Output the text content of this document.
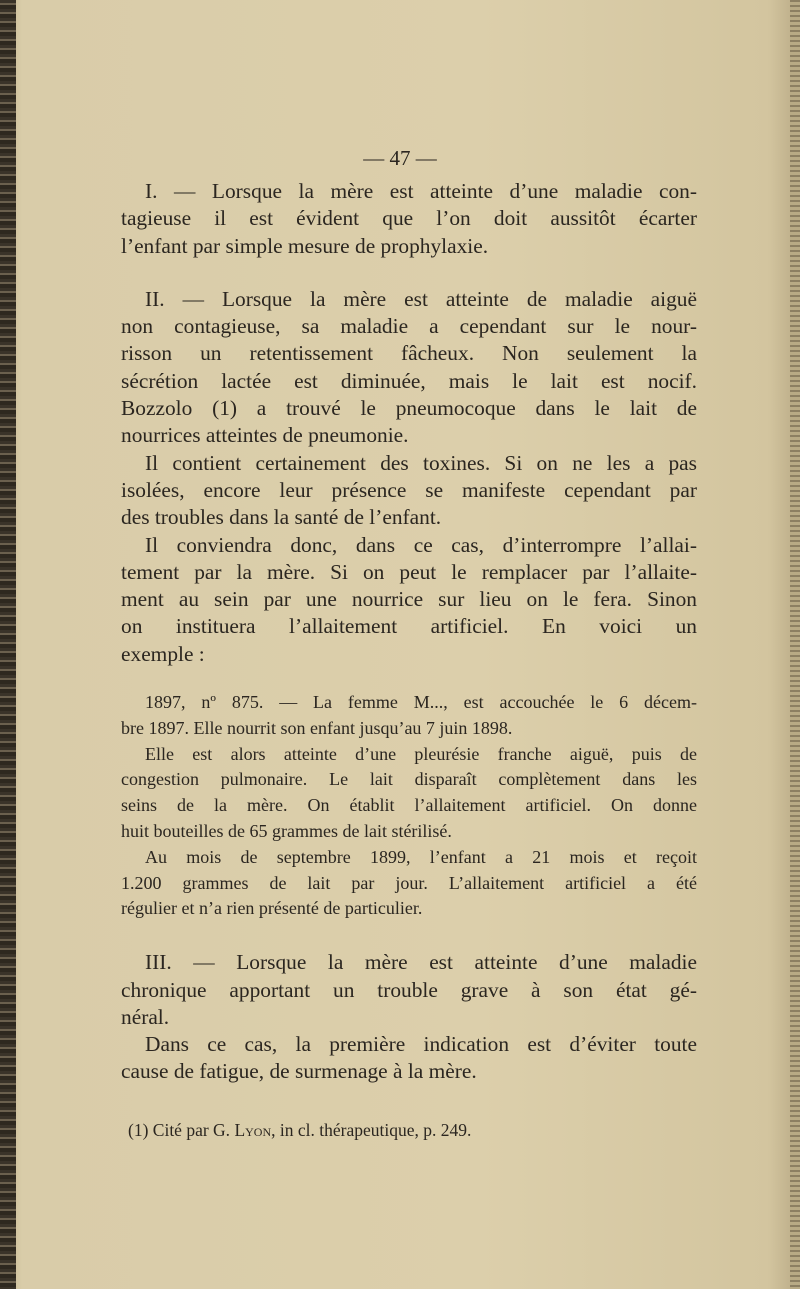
— 47 —

I. — Lorsque la mère est atteinte d’une maladie con-

tagieuse il est évident que l’on doit aussitôt écarter

l’enfant par simple mesure de prophylaxie.

II. — Lorsque la mère est atteinte de maladie aiguë

non contagieuse, sa maladie a cependant sur le nour-

risson un retentissement fâcheux. Non seulement la

sécrétion lactée est diminuée, mais le lait est nocif.

Bozzolo (1) a trouvé le pneumocoque dans le lait de

nourrices atteintes de pneumonie.

Il contient certainement des toxines. Si on ne les a pas

isolées, encore leur présence se manifeste cependant par

des troubles dans la santé de l’enfant.

Il conviendra donc, dans ce cas, d’interrompre l’allai-

tement par la mère. Si on peut le remplacer par l’allaite-

ment au sein par une nourrice sur lieu on le fera. Sinon

on instituera l’allaitement artificiel. En voici un

exemple :

1897, nº 875. — La femme M..., est accouchée le 6 décem-

bre 1897. Elle nourrit son enfant jusqu’au 7 juin 1898.

Elle est alors atteinte d’une pleurésie franche aiguë, puis de

congestion pulmonaire. Le lait disparaît complètement dans les

seins de la mère. On établit l’allaitement artificiel. On donne

huit bouteilles de 65 grammes de lait stérilisé.

Au mois de septembre 1899, l’enfant a 21 mois et reçoit

1.200 grammes de lait par jour. L’allaitement artificiel a été

régulier et n’a rien présenté de particulier.

III. — Lorsque la mère est atteinte d’une maladie

chronique apportant un trouble grave à son état gé-

néral.

Dans ce cas, la première indication est d’éviter toute

cause de fatigue, de surmenage à la mère.

(1) Cité par G. Lyon, in cl. thérapeutique, p. 249.
